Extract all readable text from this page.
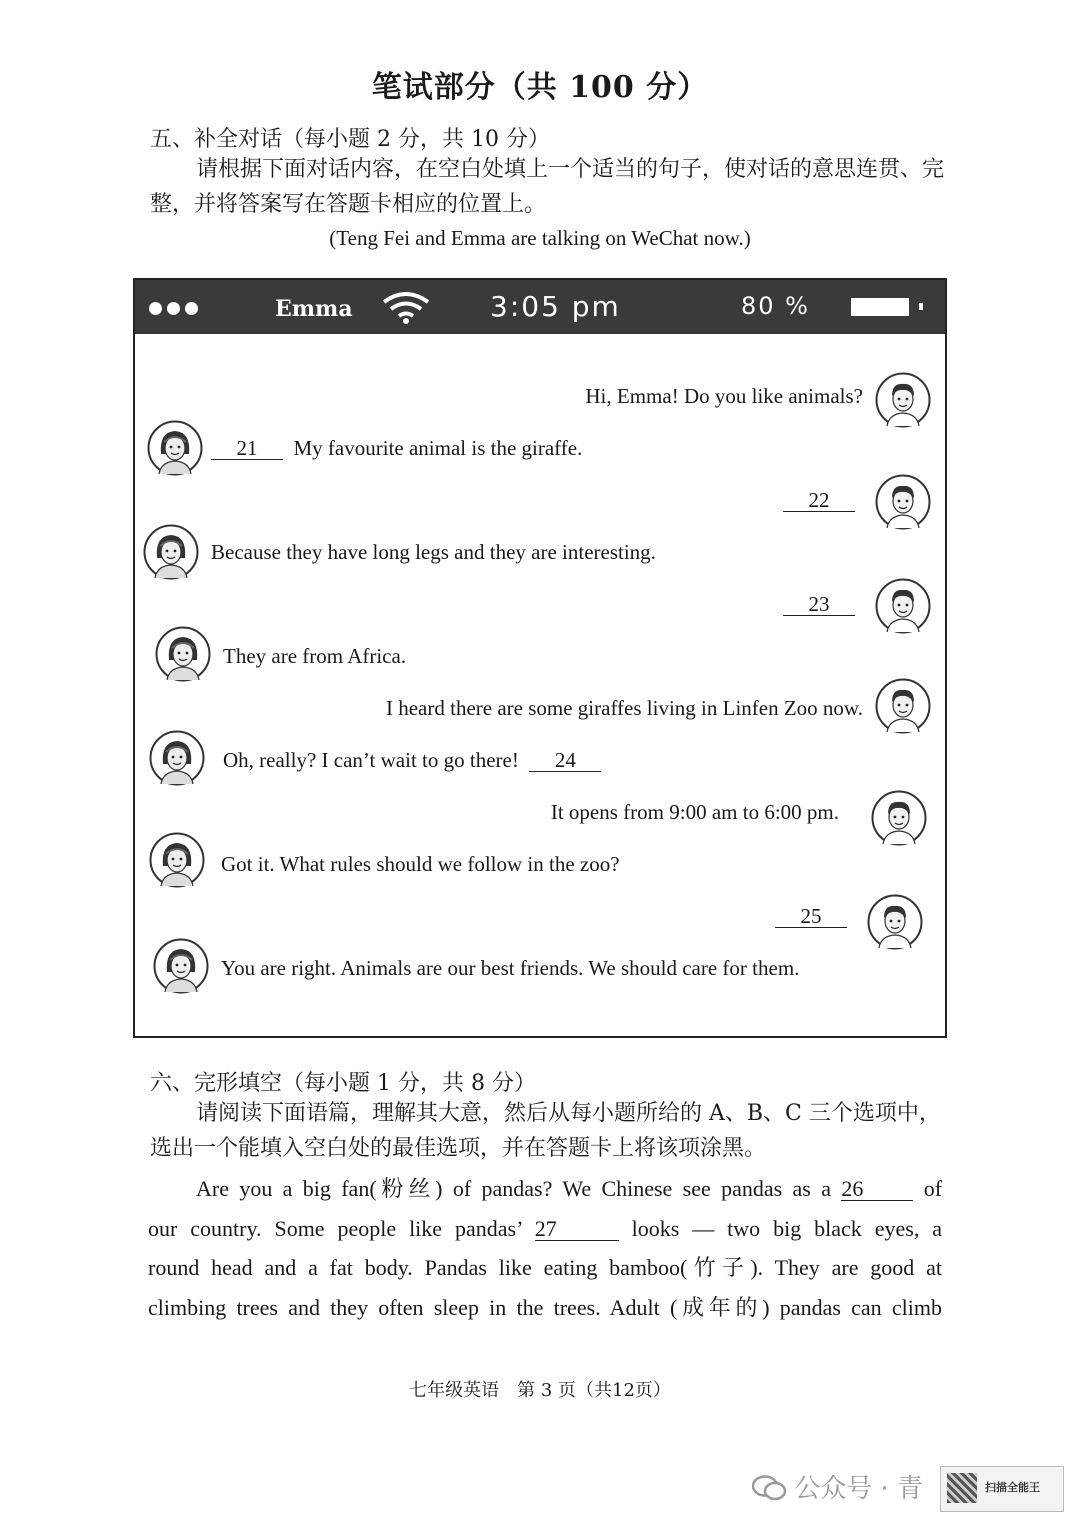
笔试部分（共 100 分）
五、补全对话（每小题 2 分，共 10 分）
请根据下面对话内容，在空白处填上一个适当的句子，使对话的意思连贯、完整，并将答案写在答题卡相应的位置上。
(Teng Fei and Emma are talking on WeChat now.)
Emma	3:05 pm	80 %
Hi, Emma! Do you like animals?
21 My favourite animal is the giraffe.
22
Because they have long legs and they are interesting.
23
They are from Africa.
I heard there are some giraffes living in Linfen Zoo now.
Oh, really? I can’t wait to go there! 24
It opens from 9:00 am to 6:00 pm.
Got it. What rules should we follow in the zoo?
25
You are right. Animals are our best friends. We should care for them.
六、完形填空（每小题 1 分，共 8 分）
请阅读下面语篇，理解其大意，然后从每小题所给的 A、B、C 三个选项中，选出一个能填入空白处的最佳选项，并在答题卡上将该项涂黑。
Are you a big fan(粉丝) of pandas? We Chinese see pandas as a 26	of
our country. Some people like pandas’ 27	looks — two big black eyes, a
round head and a fat body. Pandas like eating bamboo(竹子). They are good at
climbing trees and they often sleep in the trees. Adult (成年的) pandas can climb
七年级英语　第 3 页（共12页）
公众号 · 青	扫描全能王
